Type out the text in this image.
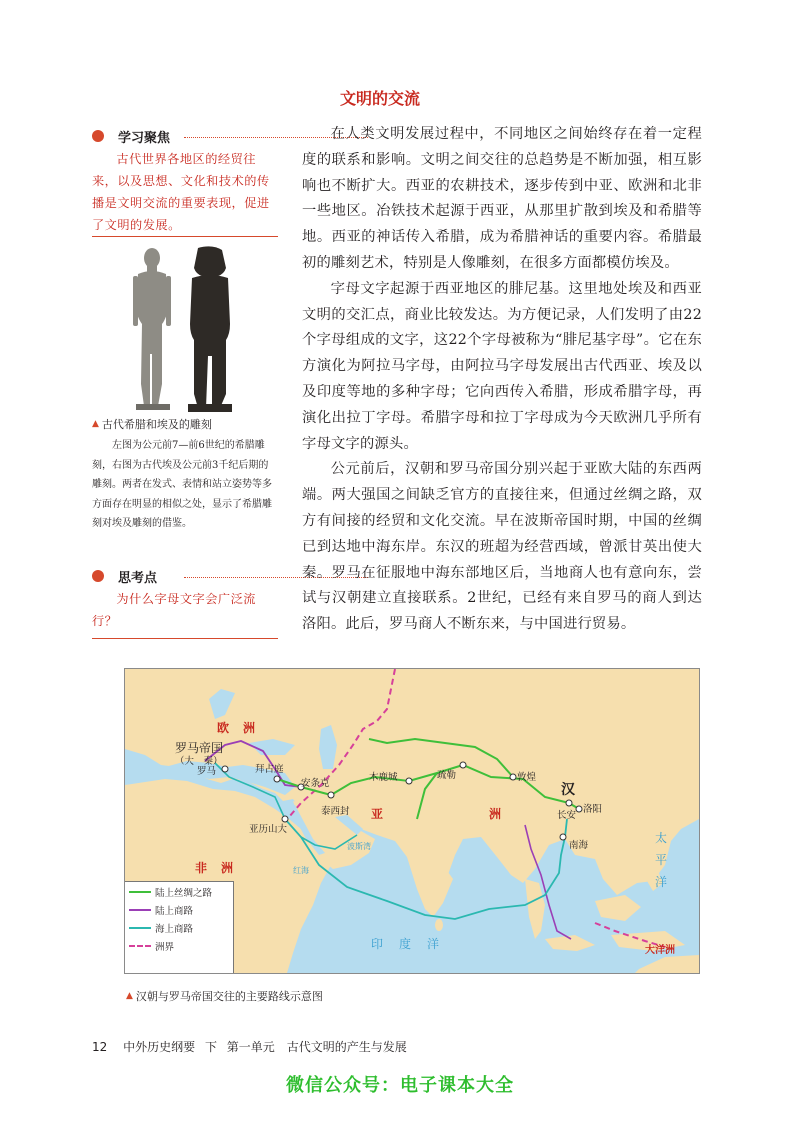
文明的交流
学习聚焦

古代世界各地区的经贸往来，以及思想、文化和技术的传播是文明交流的重要表现，促进了文明的发展。

▲ 古代希腊和埃及的雕刻

左图为公元前7—前6世纪的希腊雕刻，右图为古代埃及公元前3千纪后期的雕刻。两者在发式、表情和站立姿势等多方面存在明显的相似之处，显示了希腊雕刻对埃及雕刻的借鉴。

思考点

为什么字母文字会广泛流行？

在人类文明发展过程中，不同地区之间始终存在着一定程度的联系和影响。文明之间交往的总趋势是不断加强，相互影响也不断扩大。西亚的农耕技术，逐步传到中亚、欧洲和北非一些地区。冶铁技术起源于西亚，从那里扩散到埃及和希腊等地。西亚的神话传入希腊，成为希腊神话的重要内容。希腊最初的雕刻艺术，特别是人像雕刻，在很多方面都模仿埃及。

字母文字起源于西亚地区的腓尼基。这里地处埃及和西亚文明的交汇点，商业比较发达。为方便记录，人们发明了由22个字母组成的文字，这22个字母被称为“腓尼基字母”。它在东方演化为阿拉马字母，由阿拉马字母发展出古代西亚、埃及以及印度等地的多种字母；它向西传入希腊，形成希腊字母，再演化出拉丁字母。希腊字母和拉丁字母成为今天欧洲几乎所有字母文字的源头。

公元前后，汉朝和罗马帝国分别兴起于亚欧大陆的东西两端。两大强国之间缺乏官方的直接往来，但通过丝绸之路，双方有间接的经贸和文化交流。早在波斯帝国时期，中国的丝绸已到达地中海东岸。东汉的班超为经营西域，曾派甘英出使大秦。罗马在征服地中海东部地区后，当地商人也有意向东，尝试与汉朝建立直接联系。2世纪，已经有来自罗马的商人到达洛阳。此后，罗马商人不断东来，与中国进行贸易。

欧洲
亚	洲
非洲
罗马帝国
（大　秦）
汉
罗马	拜占庭
安条克
泰西封
亚历山大
木鹿城	疏勒	敦煌
长安
洛阳
南海
波斯湾
红海
印度洋
太平洋
大洋洲
陆上丝绸之路
陆上商路
海上商路
洲界
▲ 汉朝与罗马帝国交往的主要路线示意图
12 中外历史纲要 下 第一单元　古代文明的产生与发展
微信公众号：电子课本大全
